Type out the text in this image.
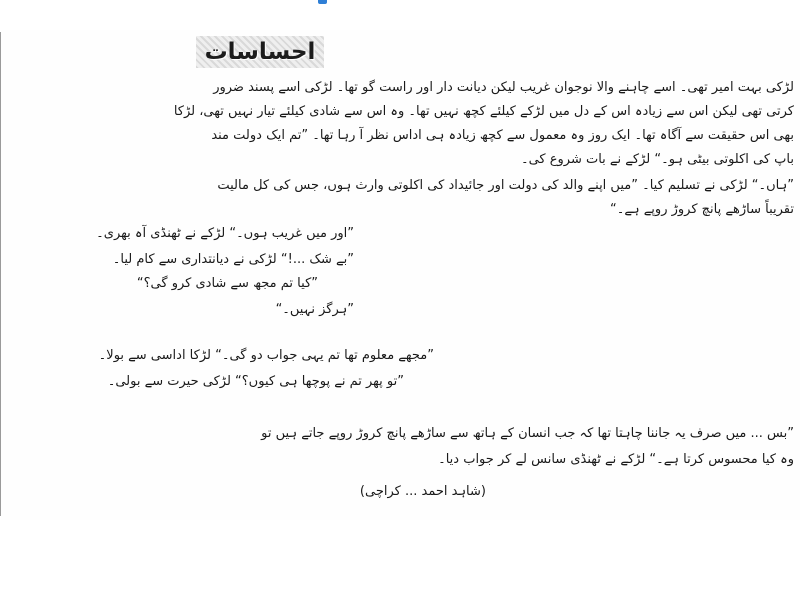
احساسات
لڑکی بہت امیر تھی۔ اسے چاہنے والا نوجوان غریب لیکن دیانت دار اور راست گو تھا۔ لڑکی اسے پسند ضرور
کرتی تھی لیکن اس سے زیادہ اس کے دل میں لڑکے کیلئے کچھ نہیں تھا۔ وہ اس سے شادی کیلئے تیار نہیں تھی، لڑکا
بھی اس حقیقت سے آگاہ تھا۔ ایک روز وہ معمول سے کچھ زیادہ ہی اداس نظر آ رہا تھا۔ ”تم ایک دولت مند
باپ کی اکلوتی بیٹی ہو۔“ لڑکے نے بات شروع کی۔
”ہاں۔“ لڑکی نے تسلیم کیا۔ ”میں اپنے والد کی دولت اور جائیداد کی اکلوتی وارث ہوں، جس کی کل مالیت
تقریباً ساڑھے پانچ کروڑ روپے ہے۔“
”اور میں غریب ہوں۔“ لڑکے نے ٹھنڈی آہ بھری۔
”بے شک ...!“ لڑکی نے دیانتداری سے کام لیا۔
”کیا تم مجھ سے شادی کرو گی؟“
”ہرگز نہیں۔“
”مجھے معلوم تھا تم یہی جواب دو گی۔“ لڑکا اداسی سے بولا۔
”تو پھر تم نے پوچھا ہی کیوں؟“ لڑکی حیرت سے بولی۔
”بس ... میں صرف یہ جاننا چاہتا تھا کہ جب انسان کے ہاتھ سے ساڑھے پانچ کروڑ روپے جاتے ہیں تو
وہ کیا محسوس کرتا ہے۔“ لڑکے نے ٹھنڈی سانس لے کر جواب دیا۔
(شاہد احمد ... کراچی)
